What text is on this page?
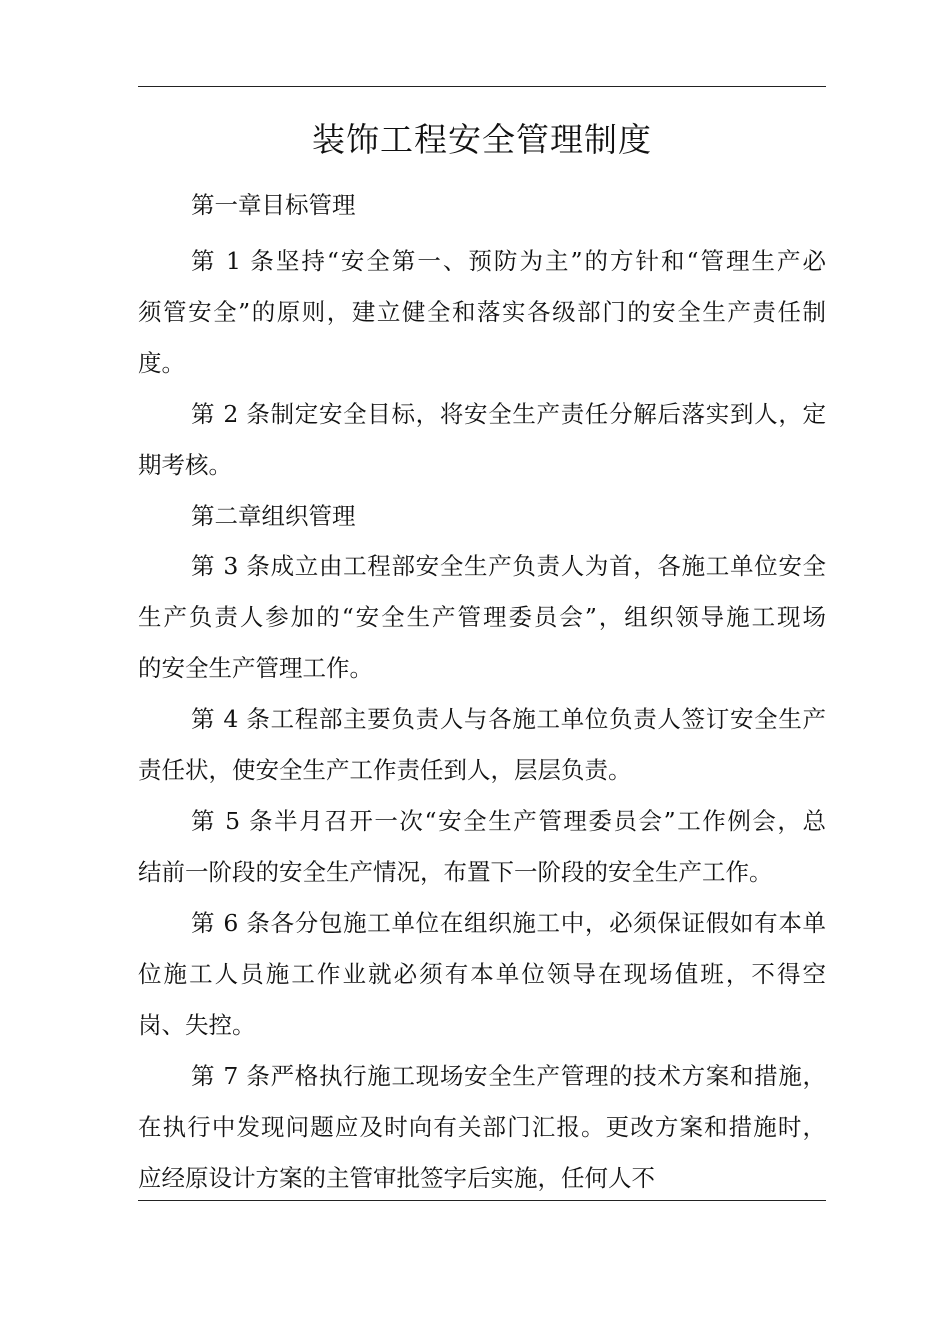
装饰工程安全管理制度
第一章目标管理
第 1 条坚持“安全第一、预防为主”的方针和“管理生产必
须管安全”的原则，建立健全和落实各级部门的安全生产责任制
度。
第 2 条制定安全目标，将安全生产责任分解后落实到人，定
期考核。
第二章组织管理
第 3 条成立由工程部安全生产负责人为首，各施工单位安全
生产负责人参加的“安全生产管理委员会”，组织领导施工现场
的安全生产管理工作。
第 4 条工程部主要负责人与各施工单位负责人签订安全生产
责任状，使安全生产工作责任到人，层层负责。
第 5 条半月召开一次“安全生产管理委员会”工作例会，总
结前一阶段的安全生产情况，布置下一阶段的安全生产工作。
第 6 条各分包施工单位在组织施工中，必须保证假如有本单
位施工人员施工作业就必须有本单位领导在现场值班，不得空
岗、失控。
第 7 条严格执行施工现场安全生产管理的技术方案和措施，
在执行中发现问题应及时向有关部门汇报。更改方案和措施时，
应经原设计方案的主管审批签字后实施，任何人不
